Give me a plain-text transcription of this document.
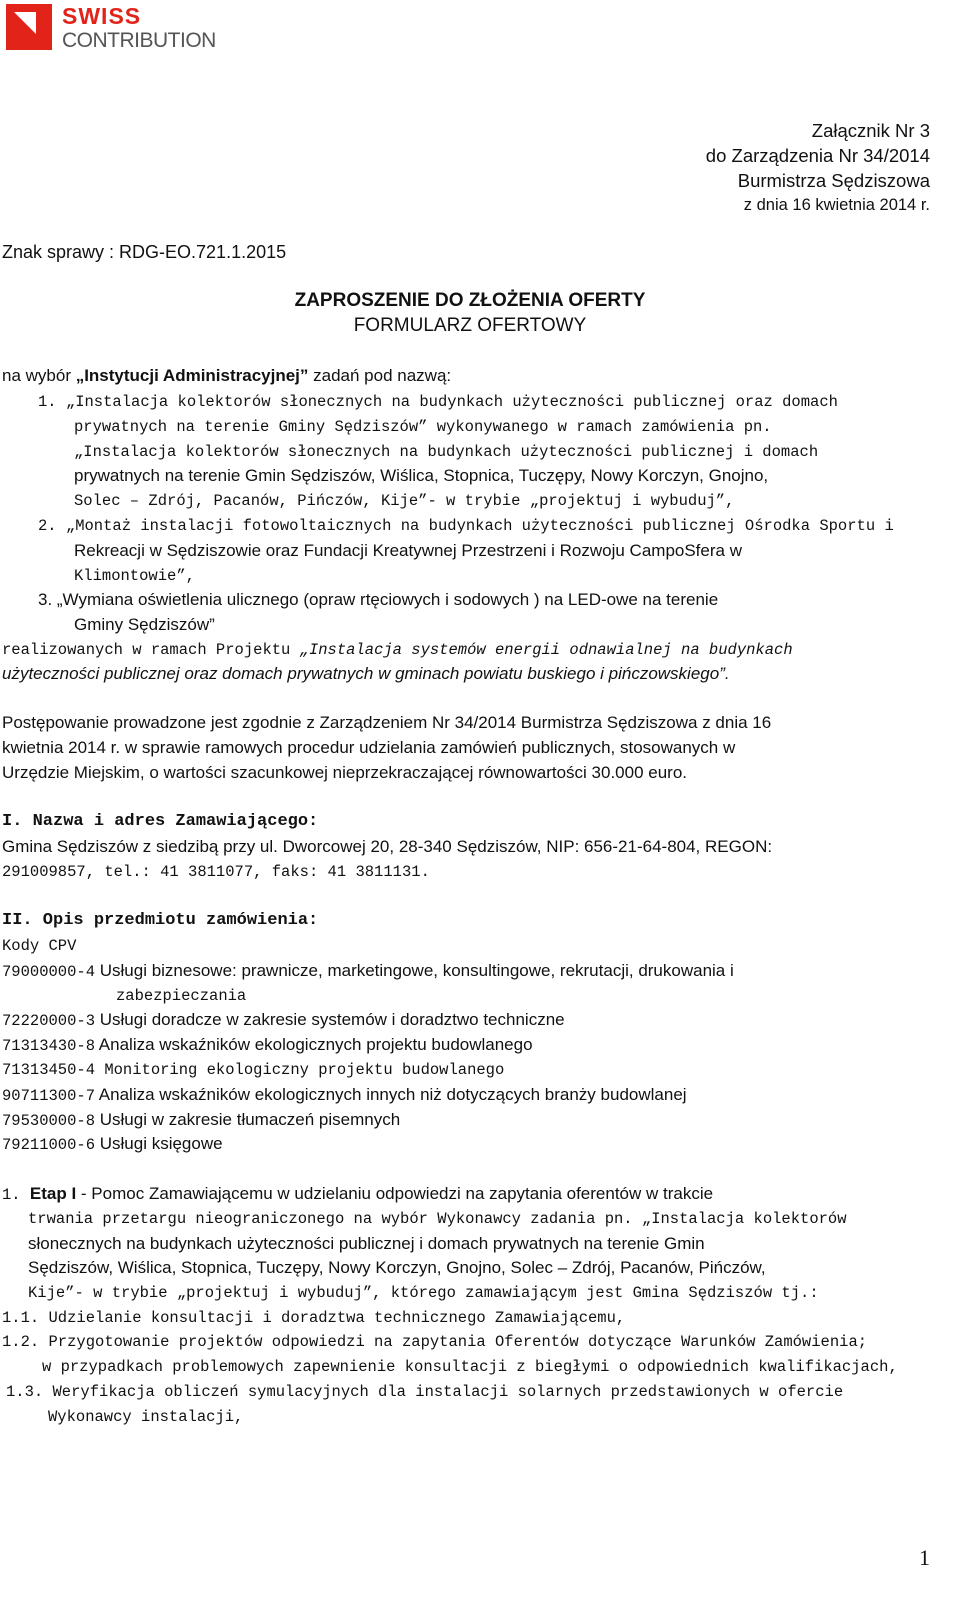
SWISS
CONTRIBUTION
Załącznik Nr 3
do Zarządzenia Nr 34/2014
Burmistrza Sędziszowa
z dnia 16 kwietnia 2014 r.
Znak sprawy : RDG-EO.721.1.2015
ZAPROSZENIE DO ZŁOŻENIA OFERTY
FORMULARZ OFERTOWY
na wybór „Instytucji Administracyjnej” zadań pod nazwą:
1. „Instalacja kolektorów słonecznych na budynkach użyteczności publicznej oraz domach
prywatnych na terenie Gminy Sędziszów” wykonywanego w ramach zamówienia pn.
„Instalacja kolektorów słonecznych na budynkach użyteczności publicznej i domach
prywatnych na terenie Gmin Sędziszów, Wiślica, Stopnica, Tuczępy, Nowy Korczyn, Gnojno,
Solec – Zdrój, Pacanów, Pińczów, Kije”- w trybie „projektuj i wybuduj”,
2. „Montaż instalacji fotowoltaicznych na budynkach użyteczności publicznej Ośrodka Sportu i
Rekreacji w Sędziszowie oraz Fundacji Kreatywnej Przestrzeni i Rozwoju CampoSfera w
Klimontowie”,
3. „Wymiana oświetlenia ulicznego (opraw rtęciowych i sodowych ) na LED-owe na terenie
Gminy Sędziszów”
realizowanych w ramach Projektu „Instalacja systemów energii odnawialnej na budynkach
użyteczności publicznej oraz domach prywatnych w gminach powiatu buskiego i pińczowskiego”.
Postępowanie prowadzone jest zgodnie z Zarządzeniem Nr 34/2014 Burmistrza Sędziszowa z dnia 16
kwietnia 2014 r. w sprawie ramowych procedur udzielania zamówień publicznych, stosowanych w
Urzędzie Miejskim, o wartości szacunkowej nieprzekraczającej równowartości 30.000 euro.
I. Nazwa i adres Zamawiającego:
Gmina Sędziszów z siedzibą przy ul. Dworcowej 20, 28-340 Sędziszów, NIP: 656-21-64-804, REGON:
291009857, tel.: 41 3811077, faks: 41 3811131.
II. Opis przedmiotu zamówienia:
Kody CPV
79000000-4 Usługi biznesowe: prawnicze, marketingowe, konsultingowe, rekrutacji, drukowania i
zabezpieczania
72220000-3 Usługi doradcze w zakresie systemów i doradztwo techniczne
71313430-8 Analiza wskaźników ekologicznych projektu budowlanego
71313450-4 Monitoring ekologiczny projektu budowlanego
90711300-7 Analiza wskaźników ekologicznych innych niż dotyczących branży budowlanej
79530000-8 Usługi w zakresie tłumaczeń pisemnych
79211000-6 Usługi księgowe
1. Etap I - Pomoc Zamawiającemu w udzielaniu odpowiedzi na zapytania oferentów w trakcie
trwania przetargu nieograniczonego na wybór Wykonawcy zadania pn. „Instalacja kolektorów
słonecznych na budynkach użyteczności publicznej i domach prywatnych na terenie Gmin
Sędziszów, Wiślica, Stopnica, Tuczępy, Nowy Korczyn, Gnojno, Solec – Zdrój, Pacanów, Pińczów,
Kije”- w trybie „projektuj i wybuduj”, którego zamawiającym jest Gmina Sędziszów tj.:
1.1. Udzielanie konsultacji i doradztwa technicznego Zamawiającemu,
1.2. Przygotowanie projektów odpowiedzi na zapytania Oferentów dotyczące Warunków Zamówienia;
w przypadkach problemowych zapewnienie konsultacji z biegłymi o odpowiednich kwalifikacjach,
1.3. Weryfikacja obliczeń symulacyjnych dla instalacji solarnych przedstawionych w ofercie
Wykonawcy instalacji,
1
